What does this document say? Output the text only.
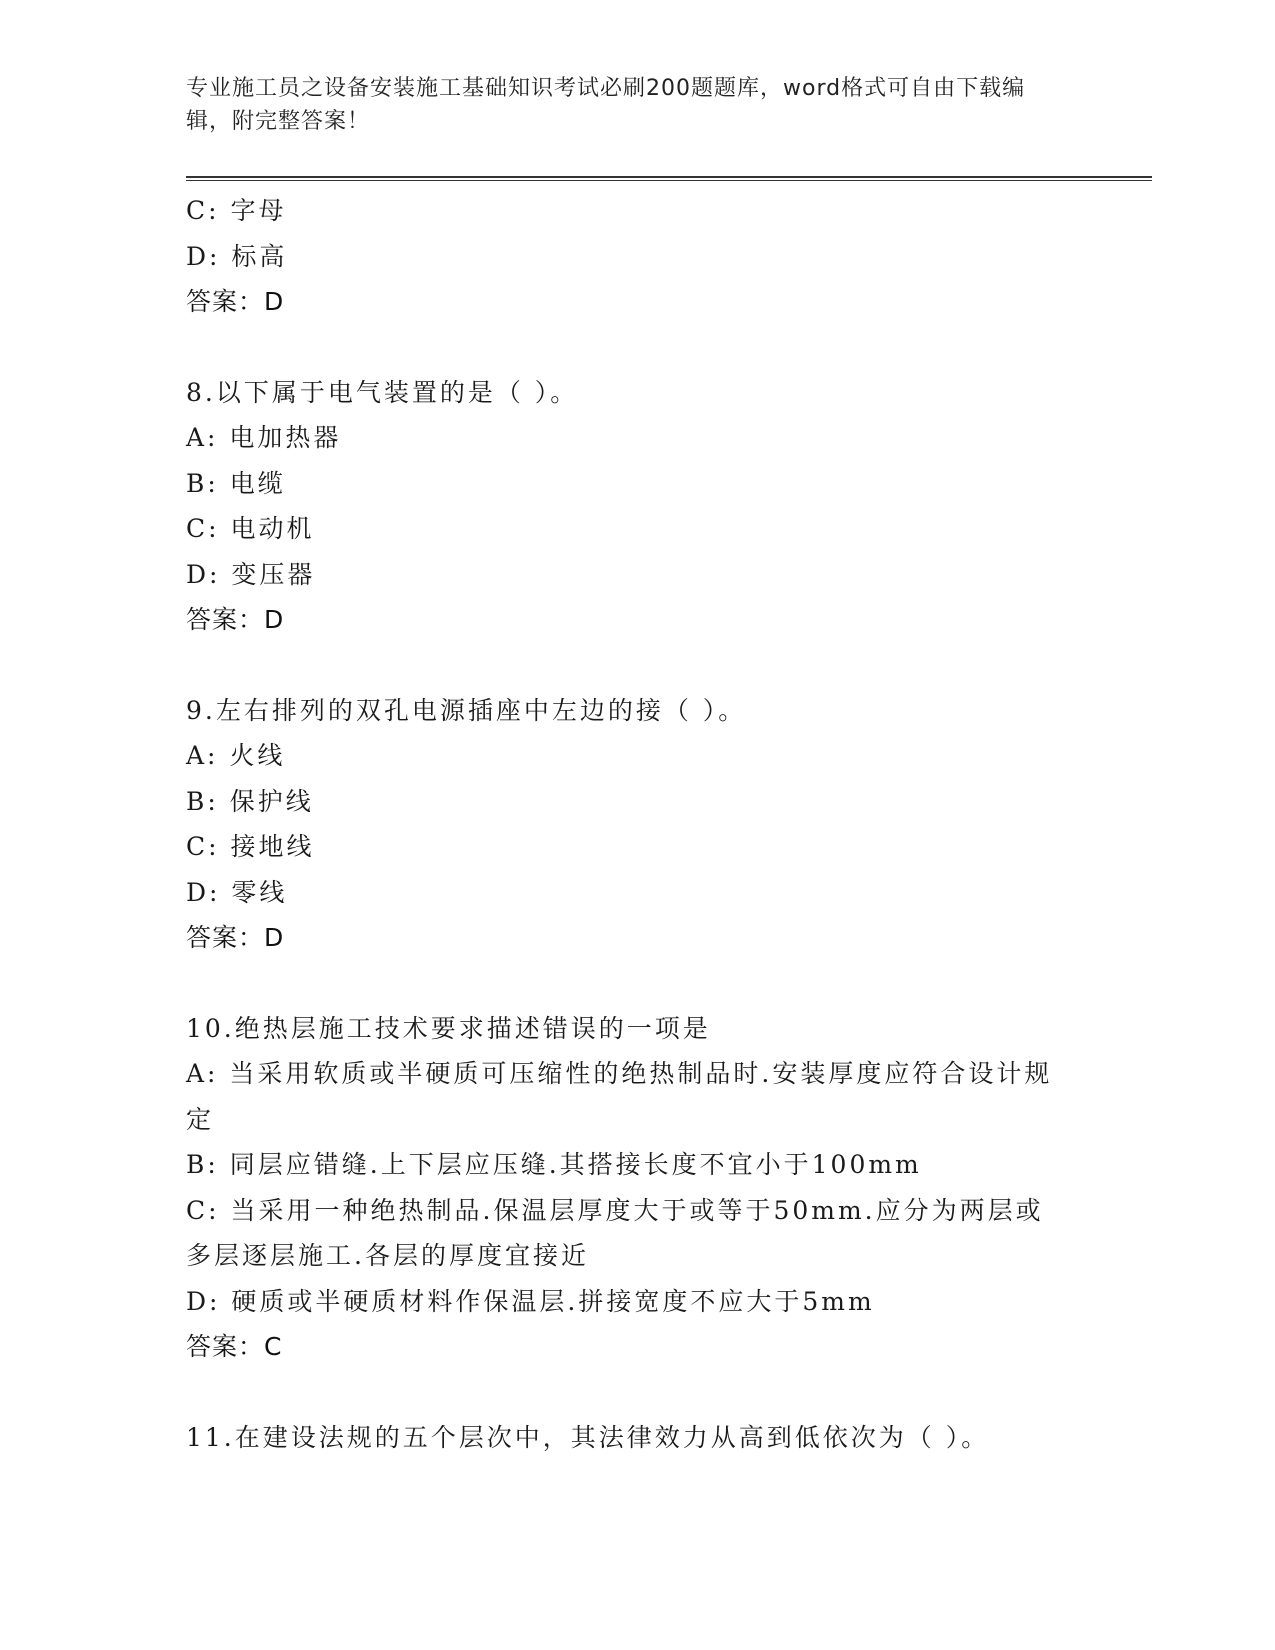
专业施工员之设备安装施工基础知识考试必刷200题题库，word格式可自由下载编辑，附完整答案！
C: 字母
D: 标高
答案：D
8.以下属于电气装置的是（ ）。
A: 电加热器
B: 电缆
C: 电动机
D: 变压器
答案：D
9.左右排列的双孔电源插座中左边的接（ ）。
A: 火线
B: 保护线
C: 接地线
D: 零线
答案：D
10.绝热层施工技术要求描述错误的一项是
A: 当采用软质或半硬质可压缩性的绝热制品时.安装厚度应符合设计规定
B: 同层应错缝.上下层应压缝.其搭接长度不宜小于100mm
C: 当采用一种绝热制品.保温层厚度大于或等于50mm.应分为两层或多层逐层施工.各层的厚度宜接近
D: 硬质或半硬质材料作保温层.拼接宽度不应大于5mm
答案：C
11.在建设法规的五个层次中，其法律效力从高到低依次为（ ）。
